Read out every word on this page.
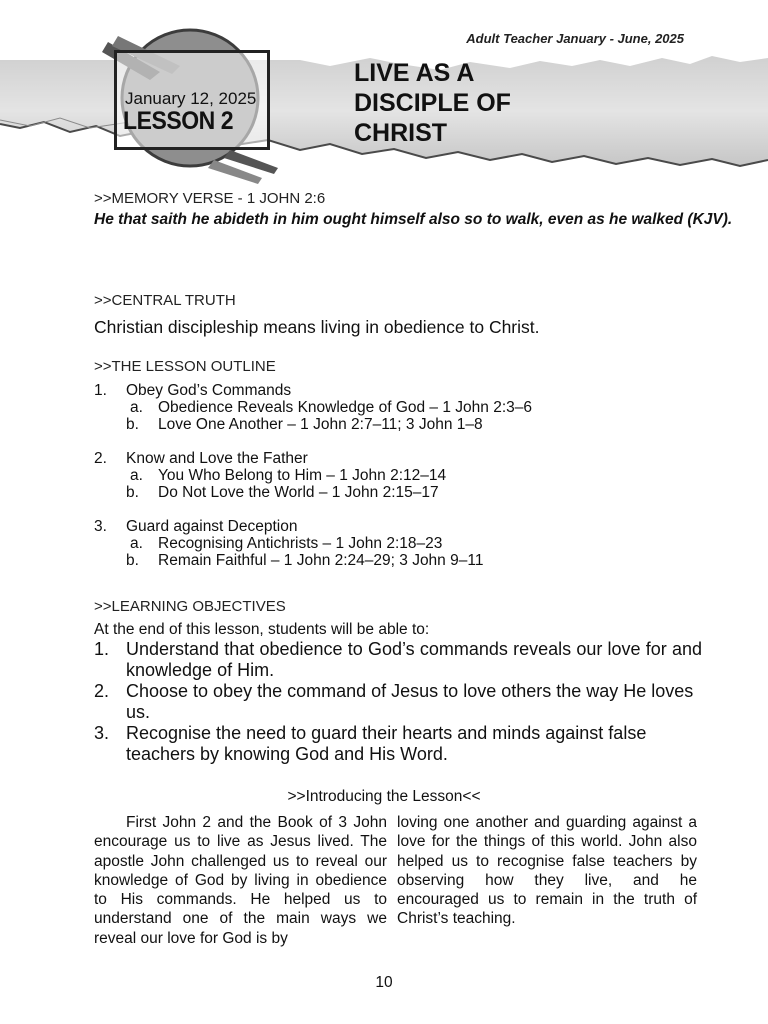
Adult Teacher January - June, 2025
January 12, 2025
LESSON 2
LIVE AS A
DISCIPLE OF
CHRIST
>>MEMORY VERSE - 1 JOHN 2:6
He that saith he abideth in him ought himself also so to walk, even as he walked (KJV).
>>CENTRAL TRUTH
Christian discipleship means living in obedience to Christ.
>>THE LESSON OUTLINE
1.	Obey God’s Commands
a. Obedience Reveals Knowledge of God – 1 John 2:3–6
b. Love One Another – 1 John 2:7–11; 3 John 1–8
2.	Know and Love the Father
a. You Who Belong to Him – 1 John 2:12–14
b. Do Not Love the World – 1 John 2:15–17
3.	Guard against Deception
a. Recognising Antichrists – 1 John 2:18–23
b. Remain Faithful – 1 John 2:24–29; 3 John 9–11
>>LEARNING OBJECTIVES
At the end of this lesson, students will be able to:
1. Understand that obedience to God’s commands reveals our love for and knowledge of Him.
2. Choose to obey the command of Jesus to love others the way He loves us.
3. Recognise the need to guard their hearts and minds against false teachers by knowing God and His Word.
>>Introducing the Lesson<<
First John 2 and the Book of 3 John encourage us to live as Jesus lived. The apostle John challenged us to reveal our knowledge of God by living in obedience to His commands. He helped us to understand one of the main ways we reveal our love for God is by
loving one another and guarding against a love for the things of this world. John also helped us to recognise false teachers by observing how they live, and he encouraged us to remain in the truth of Christ’s teaching.
10
